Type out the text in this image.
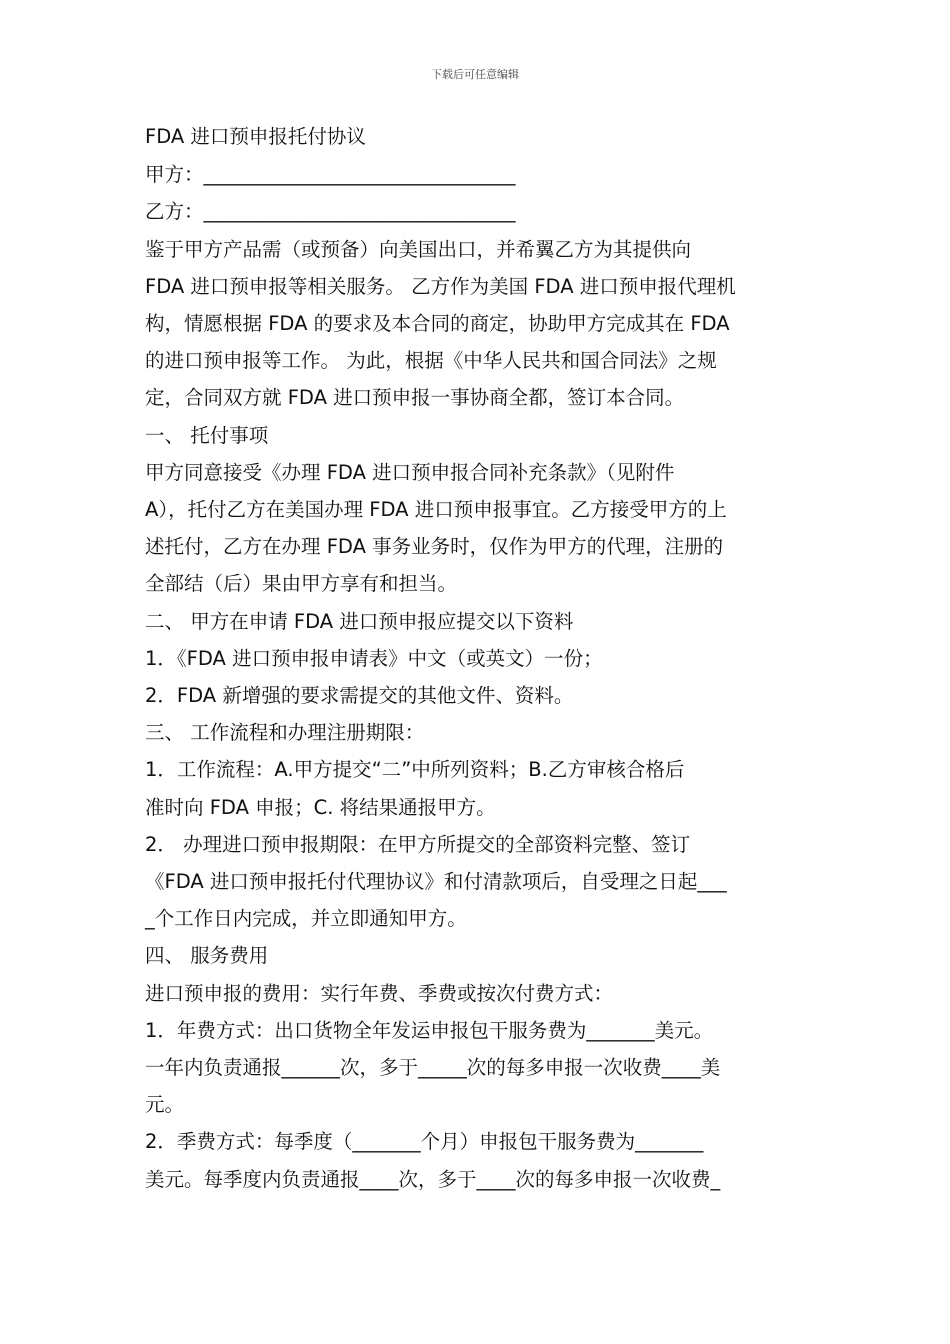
下载后可任意编辑

FDA 进口预申报托付协议

甲方：________________________________

乙方：________________________________

鉴于甲方产品需（或预备）向美国出口，并希翼乙方为其提供向

FDA 进口预申报等相关服务。 乙方作为美国 FDA 进口预申报代理机

构，情愿根据 FDA 的要求及本合同的商定，协助甲方完成其在 FDA

的进口预申报等工作。 为此，根据《中华人民共和国合同法》之规

定，合同双方就 FDA 进口预申报一事协商全都，签订本合同。

一、 托付事项

甲方同意接受《办理 FDA 进口预申报合同补充条款》（见附件

A），托付乙方在美国办理 FDA 进口预申报事宜。乙方接受甲方的上

述托付，乙方在办理 FDA 事务业务时，仅作为甲方的代理，注册的

全部结（后）果由甲方享有和担当。

二、 甲方在申请 FDA 进口预申报应提交以下资料

1．《FDA 进口预申报申请表》中文（或英文）一份；

2．FDA 新增强的要求需提交的其他文件、资料。

三、 工作流程和办理注册期限：

1．工作流程：A.甲方提交“二”中所列资料；B.乙方审核合格后

准时向 FDA 申报；C. 将结果通报甲方。

2． 办理进口预申报期限：在甲方所提交的全部资料完整、签订

《FDA 进口预申报托付代理协议》和付清款项后，自受理之日起___

_个工作日内完成，并立即通知甲方。

四、 服务费用

进口预申报的费用：实行年费、季费或按次付费方式：

1．年费方式：出口货物全年发运申报包干服务费为_______美元。

一年内负责通报______次，多于_____次的每多申报一次收费____美

元。

2．季费方式：每季度（_______个月）申报包干服务费为_______

美元。每季度内负责通报____次，多于____次的每多申报一次收费_
